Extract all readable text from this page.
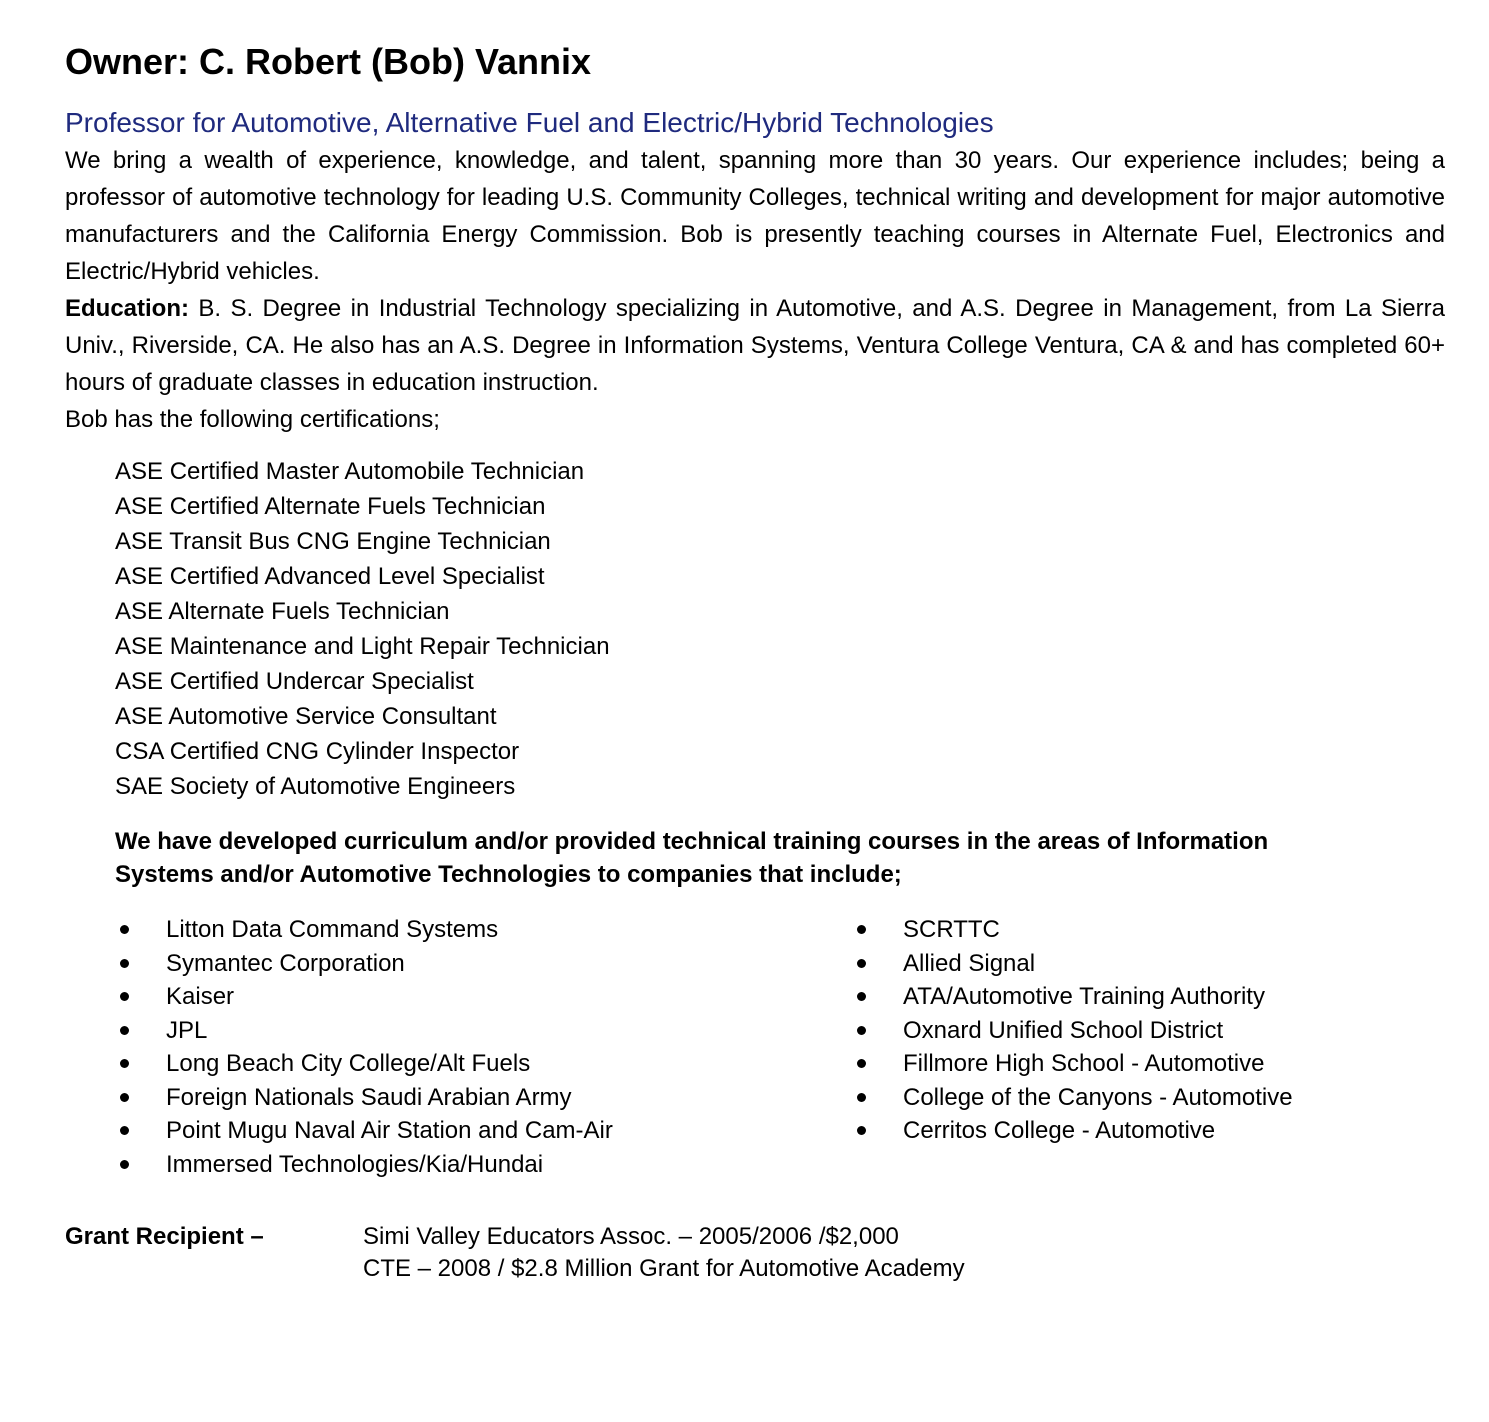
Owner: C. Robert (Bob) Vannix
Professor for Automotive, Alternative Fuel and Electric/Hybrid Technologies

We bring a wealth of experience, knowledge, and talent, spanning more than 30 years. Our experience includes; being a professor of automotive technology for leading U.S. Community Colleges, technical writing and development for major automotive manufacturers and the California Energy Commission. Bob is presently teaching courses in Alternate Fuel, Electronics and Electric/Hybrid vehicles.

Education: B. S. Degree in Industrial Technology specializing in Automotive, and A.S. Degree in Management, from La Sierra Univ., Riverside, CA. He also has an A.S. Degree in Information Systems, Ventura College Ventura, CA & and has completed 60+ hours of graduate classes in education instruction.

Bob has the following certifications;

ASE Certified Master Automobile Technician
ASE Certified Alternate Fuels Technician
ASE Transit Bus CNG Engine Technician
ASE Certified Advanced Level Specialist
ASE Alternate Fuels Technician
ASE Maintenance and Light Repair Technician
ASE Certified Undercar Specialist
ASE Automotive Service Consultant
CSA Certified CNG Cylinder Inspector
SAE Society of Automotive Engineers

We have developed curriculum and/or provided technical training courses in the areas of Information Systems and/or Automotive Technologies to companies that include;

Litton Data Command Systems
Symantec Corporation
Kaiser
JPL
Long Beach City College/Alt Fuels
Foreign Nationals Saudi Arabian Army
Point Mugu Naval Air Station and Cam-Air
Immersed Technologies/Kia/Hundai
SCRTTC
Allied Signal
ATA/Automotive Training Authority
Oxnard Unified School District
Fillmore High School - Automotive
College of the Canyons - Automotive
Cerritos College - Automotive
Grant Recipient –	Simi Valley Educators Assoc. – 2005/2006 /$2,000
CTE – 2008 / $2.8 Million Grant for Automotive Academy
